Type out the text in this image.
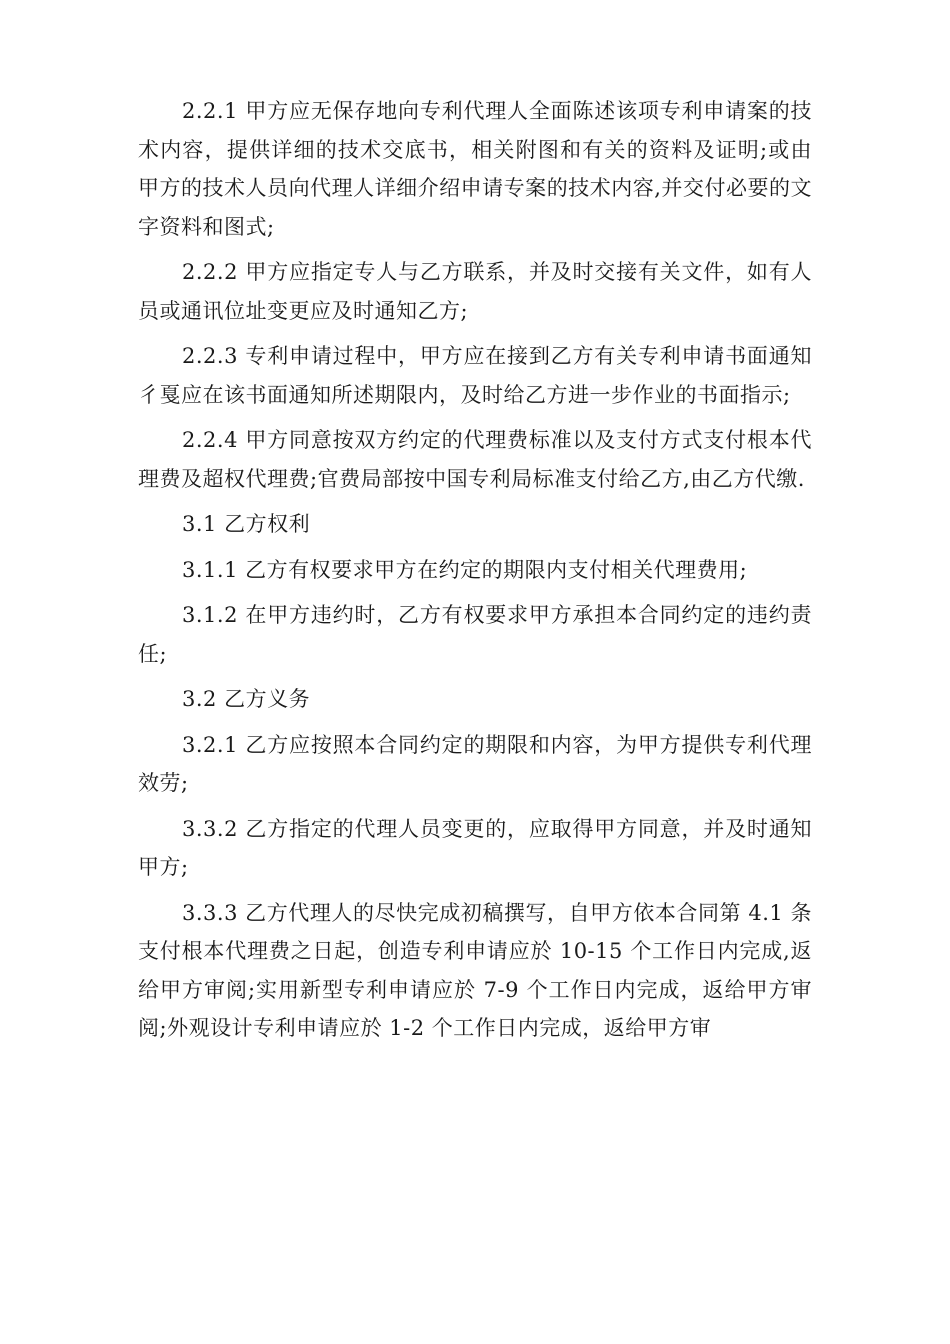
2.2.1 甲方应无保存地向专利代理人全面陈述该项专利申请案的技术内容，提供详细的技术交底书，相关附图和有关的资料及证明;或由甲方的技术人员向代理人详细介绍申请专案的技术内容,并交付必要的文字资料和图式;

2.2.2 甲方应指定专人与乙方联系，并及时交接有关文件，如有人员或通讯位址变更应及时通知乙方;

2.2.3 专利申请过程中，甲方应在接到乙方有关专利申请书面通知彳戛应在该书面通知所述期限内，及时给乙方进一步作业的书面指示;

2.2.4 甲方同意按双方约定的代理费标准以及支付方式支付根本代理费及超权代理费;官费局部按中国专利局标准支付给乙方,由乙方代缴.

3.1 乙方权利

3.1.1 乙方有权要求甲方在约定的期限内支付相关代理费用;

3.1.2 在甲方违约时，乙方有权要求甲方承担本合同约定的违约责任;

3.2 乙方义务

3.2.1 乙方应按照本合同约定的期限和内容，为甲方提供专利代理效劳;

3.3.2 乙方指定的代理人员变更的，应取得甲方同意，并及时通知甲方;

3.3.3 乙方代理人的尽快完成初稿撰写，自甲方依本合同第 4.1 条支付根本代理费之日起，创造专利申请应於 10-15 个工作日内完成,返给甲方审阅;实用新型专利申请应於 7-9 个工作日内完成，返给甲方审阅;外观设计专利申请应於 1-2 个工作日内完成，返给甲方审
